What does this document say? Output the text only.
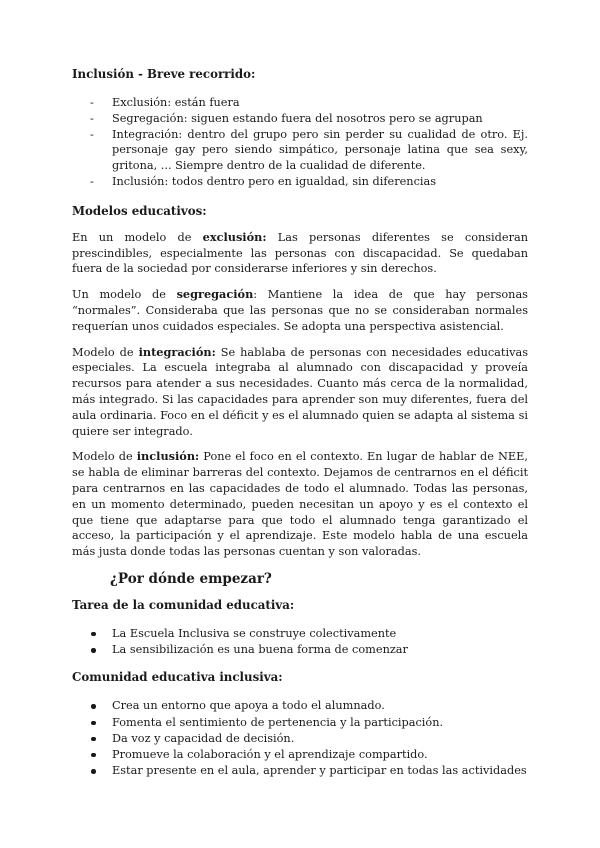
Inclusión - Breve recorrido:
- Exclusión: están fuera
- Segregación: siguen estando fuera del nosotros pero se agrupan
- Integración: dentro del grupo pero sin perder su cualidad de otro. Ej. personaje gay pero siendo simpático, personaje latina que sea sexy, gritona, ... Siempre dentro de la cualidad de diferente.
- Inclusión: todos dentro pero en igualdad, sin diferencias
Modelos educativos:

En un modelo de exclusión: Las personas diferentes se consideran prescindibles, especialmente las personas con discapacidad. Se quedaban fuera de la sociedad por considerarse inferiores y sin derechos.

Un modelo de segregación: Mantiene la idea de que hay personas “normales”. Consideraba que las personas que no se consideraban normales requerían unos cuidados especiales. Se adopta una perspectiva asistencial.

Modelo de integración: Se hablaba de personas con necesidades educativas especiales. La escuela integraba al alumnado con discapacidad y proveía recursos para atender a sus necesidades. Cuanto más cerca de la normalidad, más integrado. Si las capacidades para aprender son muy diferentes, fuera del aula ordinaria. Foco en el déficit y es el alumnado quien se adapta al sistema si quiere ser integrado.

Modelo de inclusión: Pone el foco en el contexto. En lugar de hablar de NEE, se habla de eliminar barreras del contexto. Dejamos de centrarnos en el déficit para centrarnos en las capacidades de todo el alumnado. Todas las personas, en un momento determinado, pueden necesitan un apoyo y es el contexto el que tiene que adaptarse para que todo el alumnado tenga garantizado el acceso, la participación y el aprendizaje. Este modelo habla de una escuela más justa donde todas las personas cuentan y son valoradas.

¿Por dónde empezar?
Tarea de la comunidad educativa:
La Escuela Inclusiva se construye colectivamente
La sensibilización es una buena forma de comenzar
Comunidad educativa inclusiva:
Crea un entorno que apoya a todo el alumnado.
Fomenta el sentimiento de pertenencia y la participación.
Da voz y capacidad de decisión.
Promueve la colaboración y el aprendizaje compartido.
Estar presente en el aula, aprender y participar en todas las actividades
